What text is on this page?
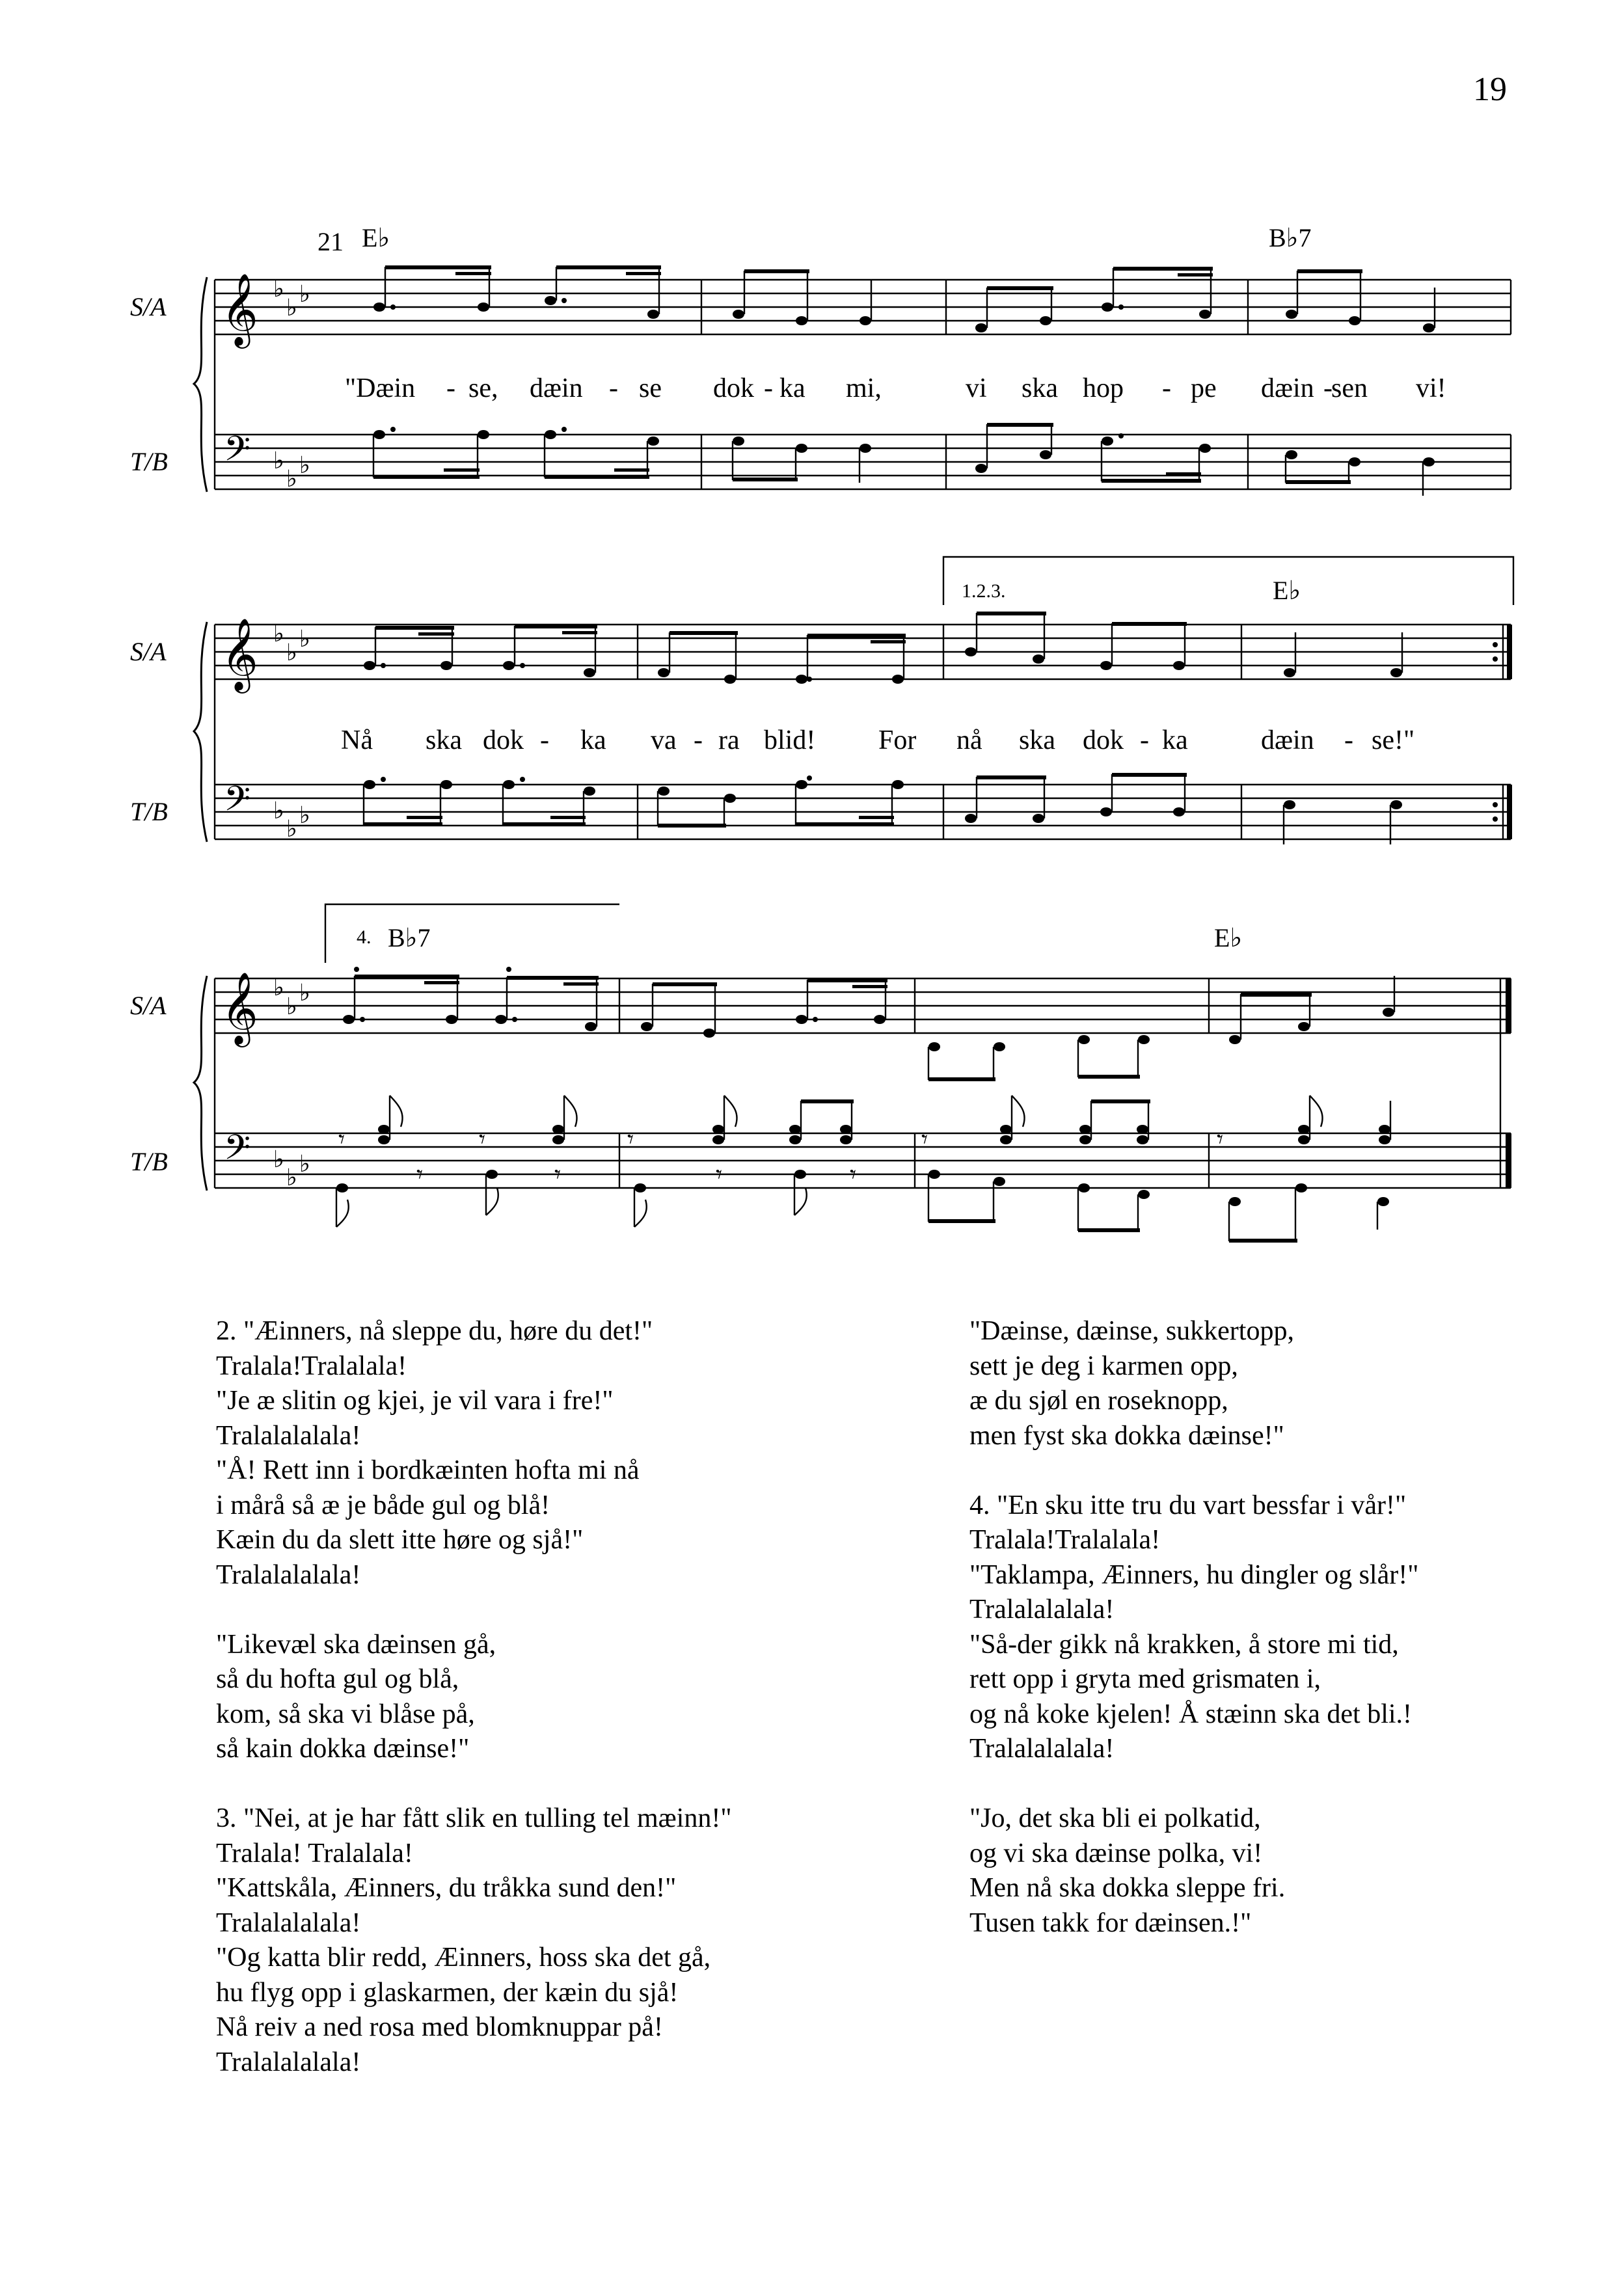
19
S/A
T/B
21 E♭	B♭7
𝄞
𝄢
♭
♭
♭
♭
♭
♭
"Dæin - se, dæin - se dok - ka mi,	vi ska hop - pe dæin -
sen vi!
S/A
T/B
1.2.3.	E♭
𝄞
𝄢
♭
♭
♭
♭
♭
♭
Nå ska dok - ka va - ra blid! For nå ska dok - ka	dæin - se!"
S/A
T/B
4. B♭7	E♭
𝄞
𝄢
♭
♭
♭
♭
♭
♭
𝄾	𝄾	𝄾	𝄾	𝄾
𝄾	𝄾	𝄾	𝄾

2. "Æinners, nå sleppe du, høre du det!"

Tralala!Tralalala!

"Je æ slitin og kjei, je vil vara i fre!"

Tralalalalala!

"Å! Rett inn i bordkæinten hofta mi nå

i mårå så æ je både gul og blå!

Kæin du da slett itte høre og sjå!"

Tralalalalala!

"Likevæl ska dæinsen gå,

så du hofta gul og blå,

kom, så ska vi blåse på,

så kain dokka dæinse!"

3. "Nei, at je har fått slik en tulling tel mæinn!"

Tralala! Tralalala!

"Kattskåla, Æinners, du tråkka sund den!"

Tralalalalala!

"Og katta blir redd, Æinners, hoss ska det gå,

hu flyg opp i glaskarmen, der kæin du sjå!

Nå reiv a ned rosa med blomknuppar på!

Tralalalalala!

"Dæinse, dæinse, sukkertopp,

sett je deg i karmen opp,

æ du sjøl en roseknopp,

men fyst ska dokka dæinse!"

4. "En sku itte tru du vart bessfar i vår!"

Tralala!Tralalala!

"Taklampa, Æinners, hu dingler og slår!"

Tralalalalala!

"Så-der gikk nå krakken, å store mi tid,

rett opp i gryta med grismaten i,

og nå koke kjelen! Å stæinn ska det bli.!

Tralalalalala!

"Jo, det ska bli ei polkatid,

og vi ska dæinse polka, vi!

Men nå ska dokka sleppe fri.

Tusen takk for dæinsen.!"
